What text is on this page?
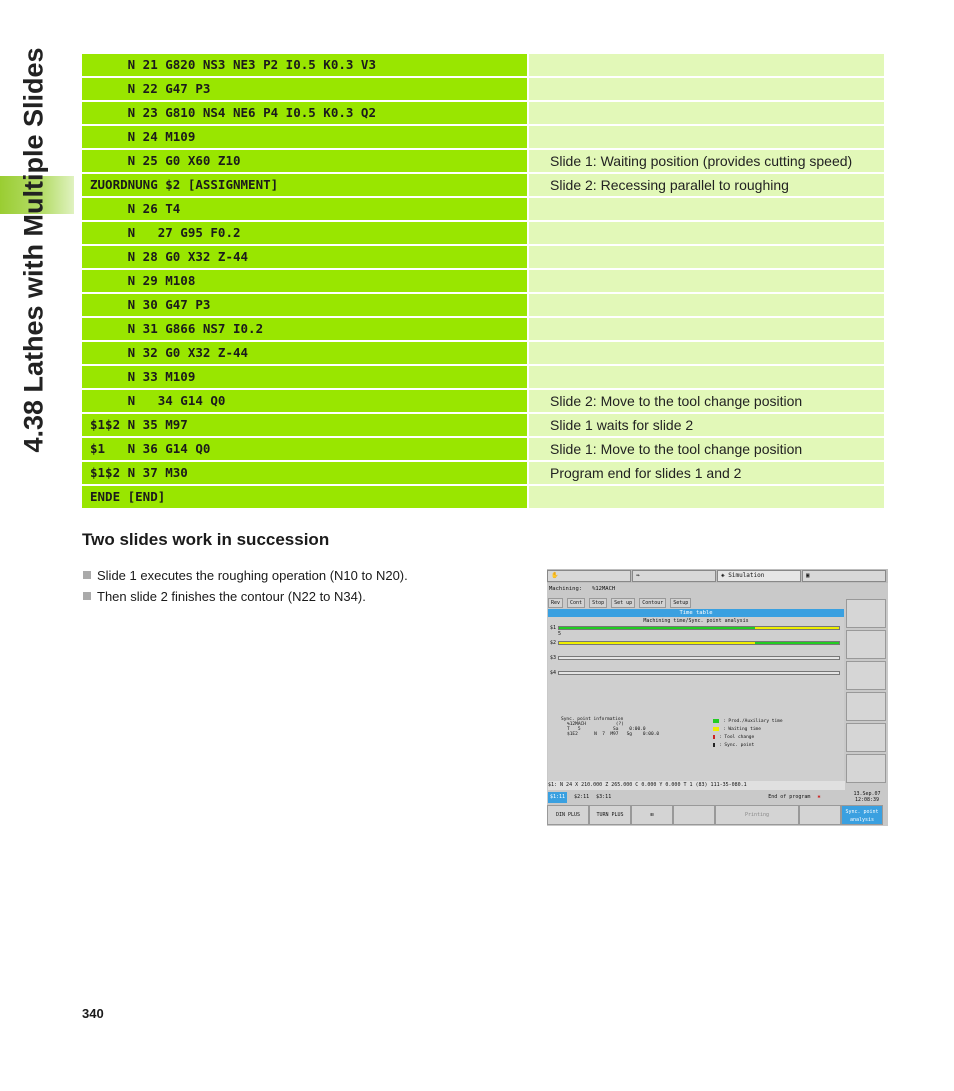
4.38 Lathes with Multiple Slides	N 21 G820 NS3 NE3 P2 I0.5 K0.3 V3
N 22 G47 P3
N 23 G810 NS4 NE6 P4 I0.5 K0.3 Q2
N 24 M109
N 25 G0 X60 Z10	Slide 1: Waiting position (provides cutting speed)
ZUORDNUNG $2 [ASSIGNMENT]	Slide 2: Recessing parallel to roughing
N 26 T4
N   27 G95 F0.2
N 28 G0 X32 Z-44
N 29 M108
N 30 G47 P3
N 31 G866 NS7 I0.2
N 32 G0 X32 Z-44
N 33 M109
N   34 G14 Q0	Slide 2: Move to the tool change position
$1$2 N 35 M97	Slide 1 waits for slide 2
$1   N 36 G14 Q0	Slide 1: Move to the tool change position
$1$2 N 37 M30	Program end for slides 1 and 2
ENDE [END]
Two slides work in succession
Slide 1 executes the roughing operation (N10 to N20).
Then slide 2 finishes the contour (N22 to N34).
340
✋	⇛	◈ Simulation	▣
Machining: %12MACH
Rev	Cont	Stop	Set up	Contour	Setup
Time table
Machining time/Sync. point analysis
$1
5
$2
$3
$4
Sync. point information
%12MACH           (?)
T   5            Sa    0:00.0
$1E2      N  7  M97   Sg    0:00.0
: Prod./Auxiliary time
: Waiting time
: Tool change
: Sync. point
$1: N 24 X 210.000 Z 265.000 C 0.000 Y 0.000 T 1 (83) 111-35-080.1
$1:11 $2:11 $3:11	End of program ✱	13.Sep.07
12:08:39
DIN PLUS	TURN PLUS	⊞	Printing	Sync. point analysis
